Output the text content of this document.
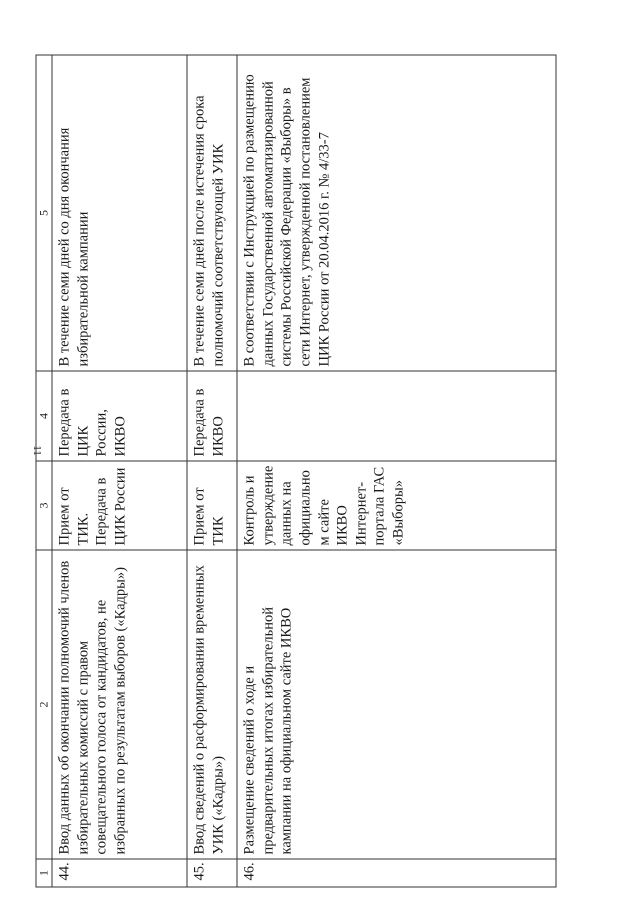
11
1	2	3	4	5
44.	Ввод данных об окончании полномочий членов избирательных комиссий с правом совещательного голоса от кандидатов, не избранных по результатам выборов («Кадры»)	Прием от ТИК. Передача в ЦИК России	Передача в ЦИК России, ИКВО	В течение семи дней со дня окончания избирательной кампании
45.	Ввод сведений о расформировании временных УИК («Кадры»)	Прием от ТИК	Передача в ИКВО	В течение семи дней после истечения срока полномочий соответствующей УИК
46.	Размещение сведений о ходе и предварительных итогах избирательной кампании на официальном сайте ИКВО	Контроль и утверждение данных на официально м сайте ИКВО Интернет-портала ГАС «Выборы»		В соответствии с Инструкцией по размещению данных Государственной автоматизированной системы Российской Федерации «Выборы» в сети Интернет, утвержденной постановлением ЦИК России от 20.04.2016 г. № 4/33-7
